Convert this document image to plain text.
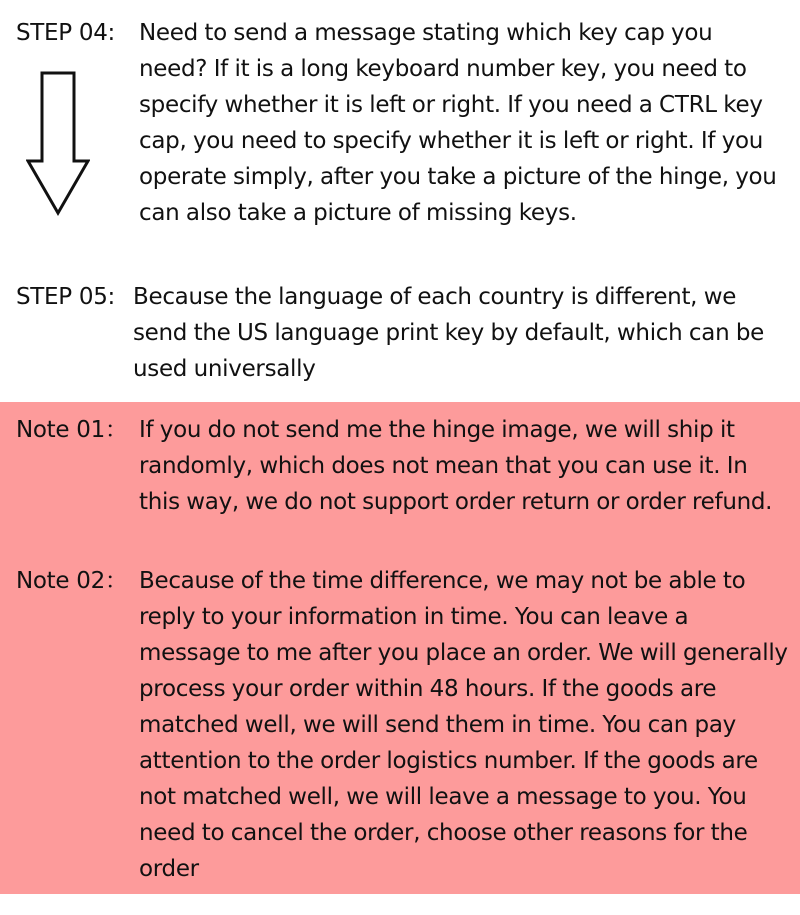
STEP 04: Need to send a message stating which key cap you need? If it is a long keyboard number key, you need to specify whether it is left or right. If you need a CTRL key cap, you need to specify whether it is left or right. If you operate simply, after you take a picture of the hinge, you can also take a picture of missing keys.
STEP 05: Because the language of each country is different, we send the US language print key by default, which can be used universally
Note 01： If you do not send me the hinge image, we will ship it randomly, which does not mean that you can use it. In this way, we do not support order return or order refund.
Note 02： Because of the time difference, we may not be able to reply to your information in time. You can leave a message to me after you place an order. We will generally process your order within 48 hours. If the goods are matched well, we will send them in time. You can pay attention to the order logistics number. If the goods are not matched well, we will leave a message to you. You need to cancel the order, choose other reasons for the order
